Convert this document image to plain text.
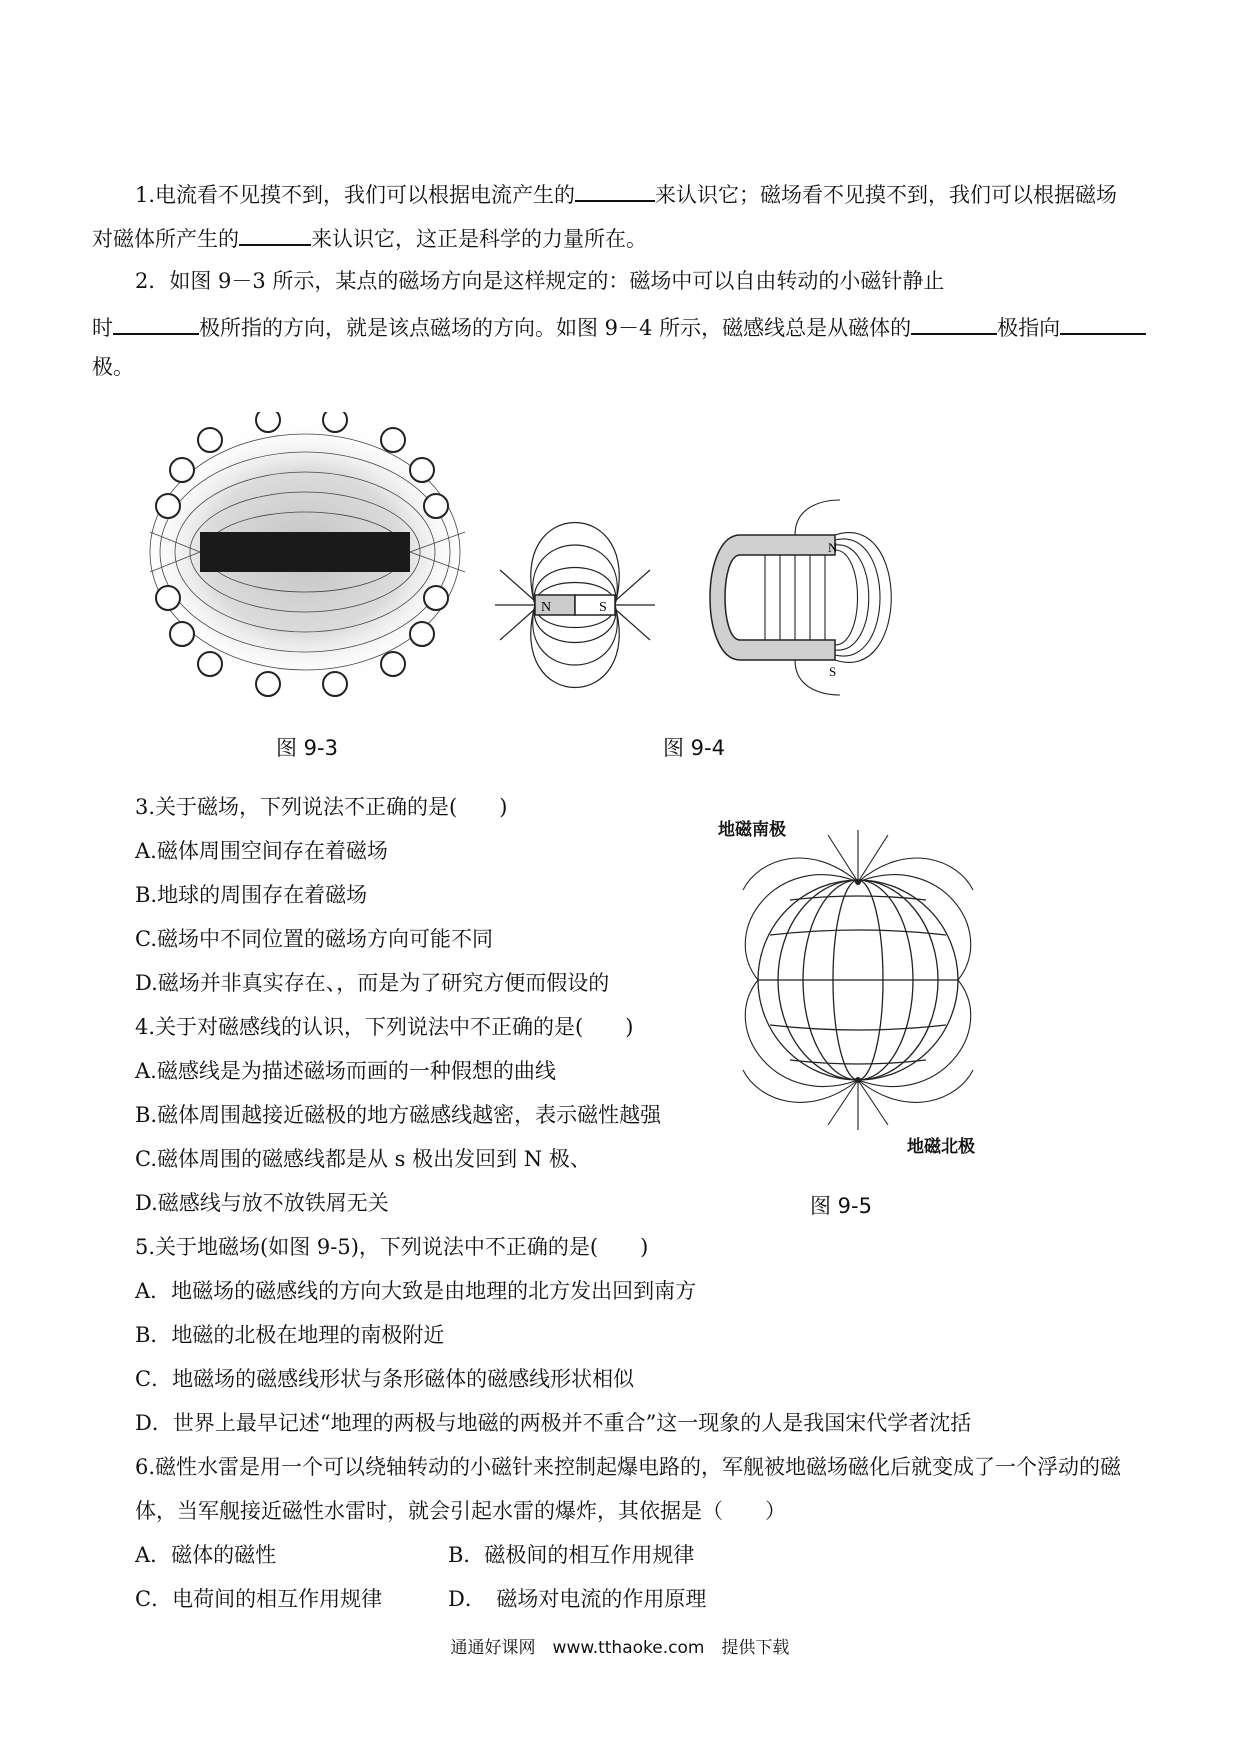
1.电流看不见摸不到，我们可以根据电流产生的	来认识它；磁场看不见摸不到，我们可以根据磁场
对磁体所产生的	来认识它，这正是科学的力量所在。
2．如图 9－3 所示，某点的磁场方向是这样规定的：磁场中可以自由转动的小磁针静止
时	极所指的方向，就是该点磁场的方向。如图 9－4 所示，磁感线总是从磁体的	极指向
极。
图 9-3
N	S
N
S
图 9-4
3.关于磁场，下列说法不正确的是(　　)
A.磁体周围空间存在着磁场
B.地球的周围存在着磁场
C.磁场中不同位置的磁场方向可能不同
D.磁场并非真实存在、，而是为了研究方便而假设的
4.关于对磁感线的认识，下列说法中不正确的是(　　)
A.磁感线是为描述磁场而画的一种假想的曲线
B.磁体周围越接近磁极的地方磁感线越密，表示磁性越强
C.磁体周围的磁感线都是从 s 极出发回到 N 极、
D.磁感线与放不放铁屑无关
地磁南极
地磁北极
图 9-5
5.关于地磁场(如图 9-5)，下列说法中不正确的是(　　)
A．地磁场的磁感线的方向大致是由地理的北方发出回到南方
B．地磁的北极在地理的南极附近
C．地磁场的磁感线形状与条形磁体的磁感线形状相似
D．世界上最早记述“地理的两极与地磁的两极并不重合”这一现象的人是我国宋代学者沈括
6.磁性水雷是用一个可以绕轴转动的小磁针来控制起爆电路的，军舰被地磁场磁化后就变成了一个浮动的磁
体，当军舰接近磁性水雷时，就会引起水雷的爆炸，其依据是（　　）
A．磁体的磁性	B．磁极间的相互作用规律
C．电荷间的相互作用规律	D．　磁场对电流的作用原理
通通好课网　www.tthaoke.com　提供下载
